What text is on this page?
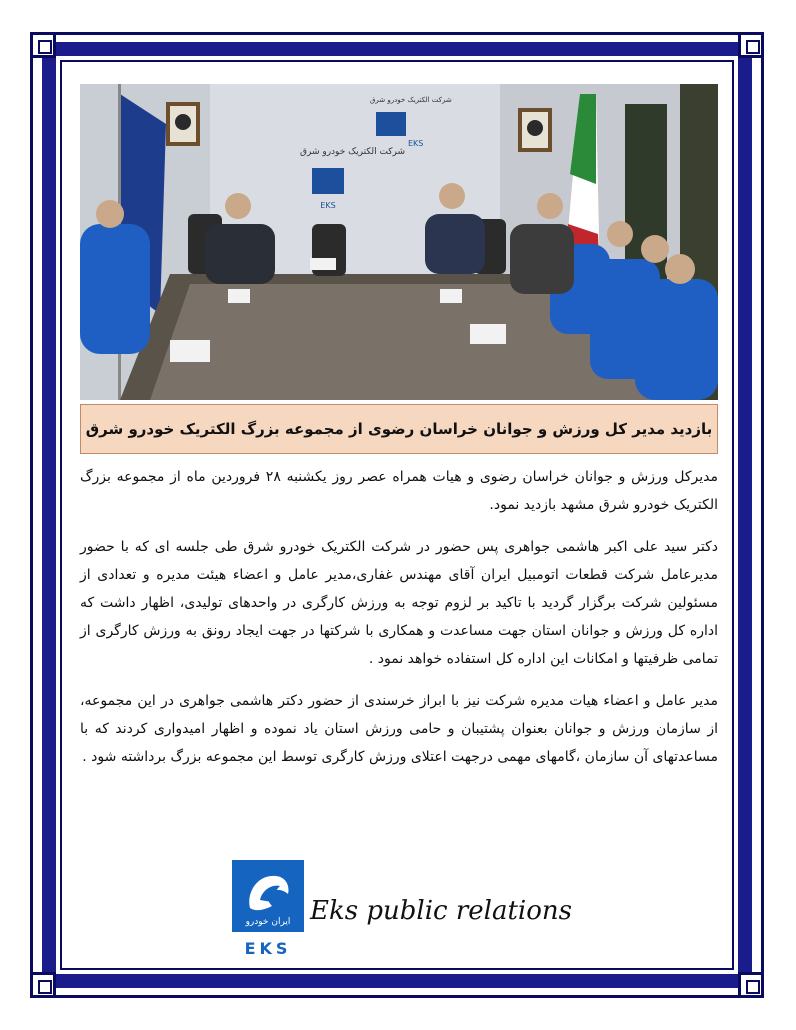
شرکت الکتریک خودرو شرق
EKS
شرکت الکتریک خودرو شرق
EKS
بازدید مدیر کل ورزش و جوانان خراسان رضوی از مجموعه بزرگ الکتریک خودرو شرق

مدیرکل ورزش و جوانان خراسان رضوی و هیات همراه عصر روز یکشنبه ۲۸ فروردین ماه از مجموعه بزرگ الکتریک خودرو شرق مشهد بازدید نمود.

دکتر سید علی اکبر هاشمی جواهری پس حضور در شرکت الکتریک خودرو شرق طی جلسه ای که با حضور مدیرعامل شرکت قطعات اتومبیل ایران آقای مهندس غفاری،مدیر عامل و اعضاء هیئت مدیره و تعدادی از مسئولین شرکت برگزار گردید با تاکید بر لزوم توجه به ورزش کارگری در واحدهای تولیدی، اظهار داشت که اداره کل ورزش و جوانان استان جهت مساعدت و همکاری با شرکتها در جهت ایجاد رونق به ورزش کارگری از تمامی ظرفیتها و امکانات این اداره کل استفاده خواهد نمود .

مدیر عامل و اعضاء هیات مدیره شرکت نیز با ابراز خرسندی از حضور دکتر هاشمی جواهری در این مجموعه، از سازمان ورزش و جوانان بعنوان پشتیبان و حامی ورزش استان یاد نموده و اظهار امیدواری کردند که با مساعدتهای آن سازمان ،گامهای مهمی درجهت اعتلای ورزش کارگری توسط این مجموعه بزرگ برداشته شود .

ایران خودرو
EKS
Eks public relations
